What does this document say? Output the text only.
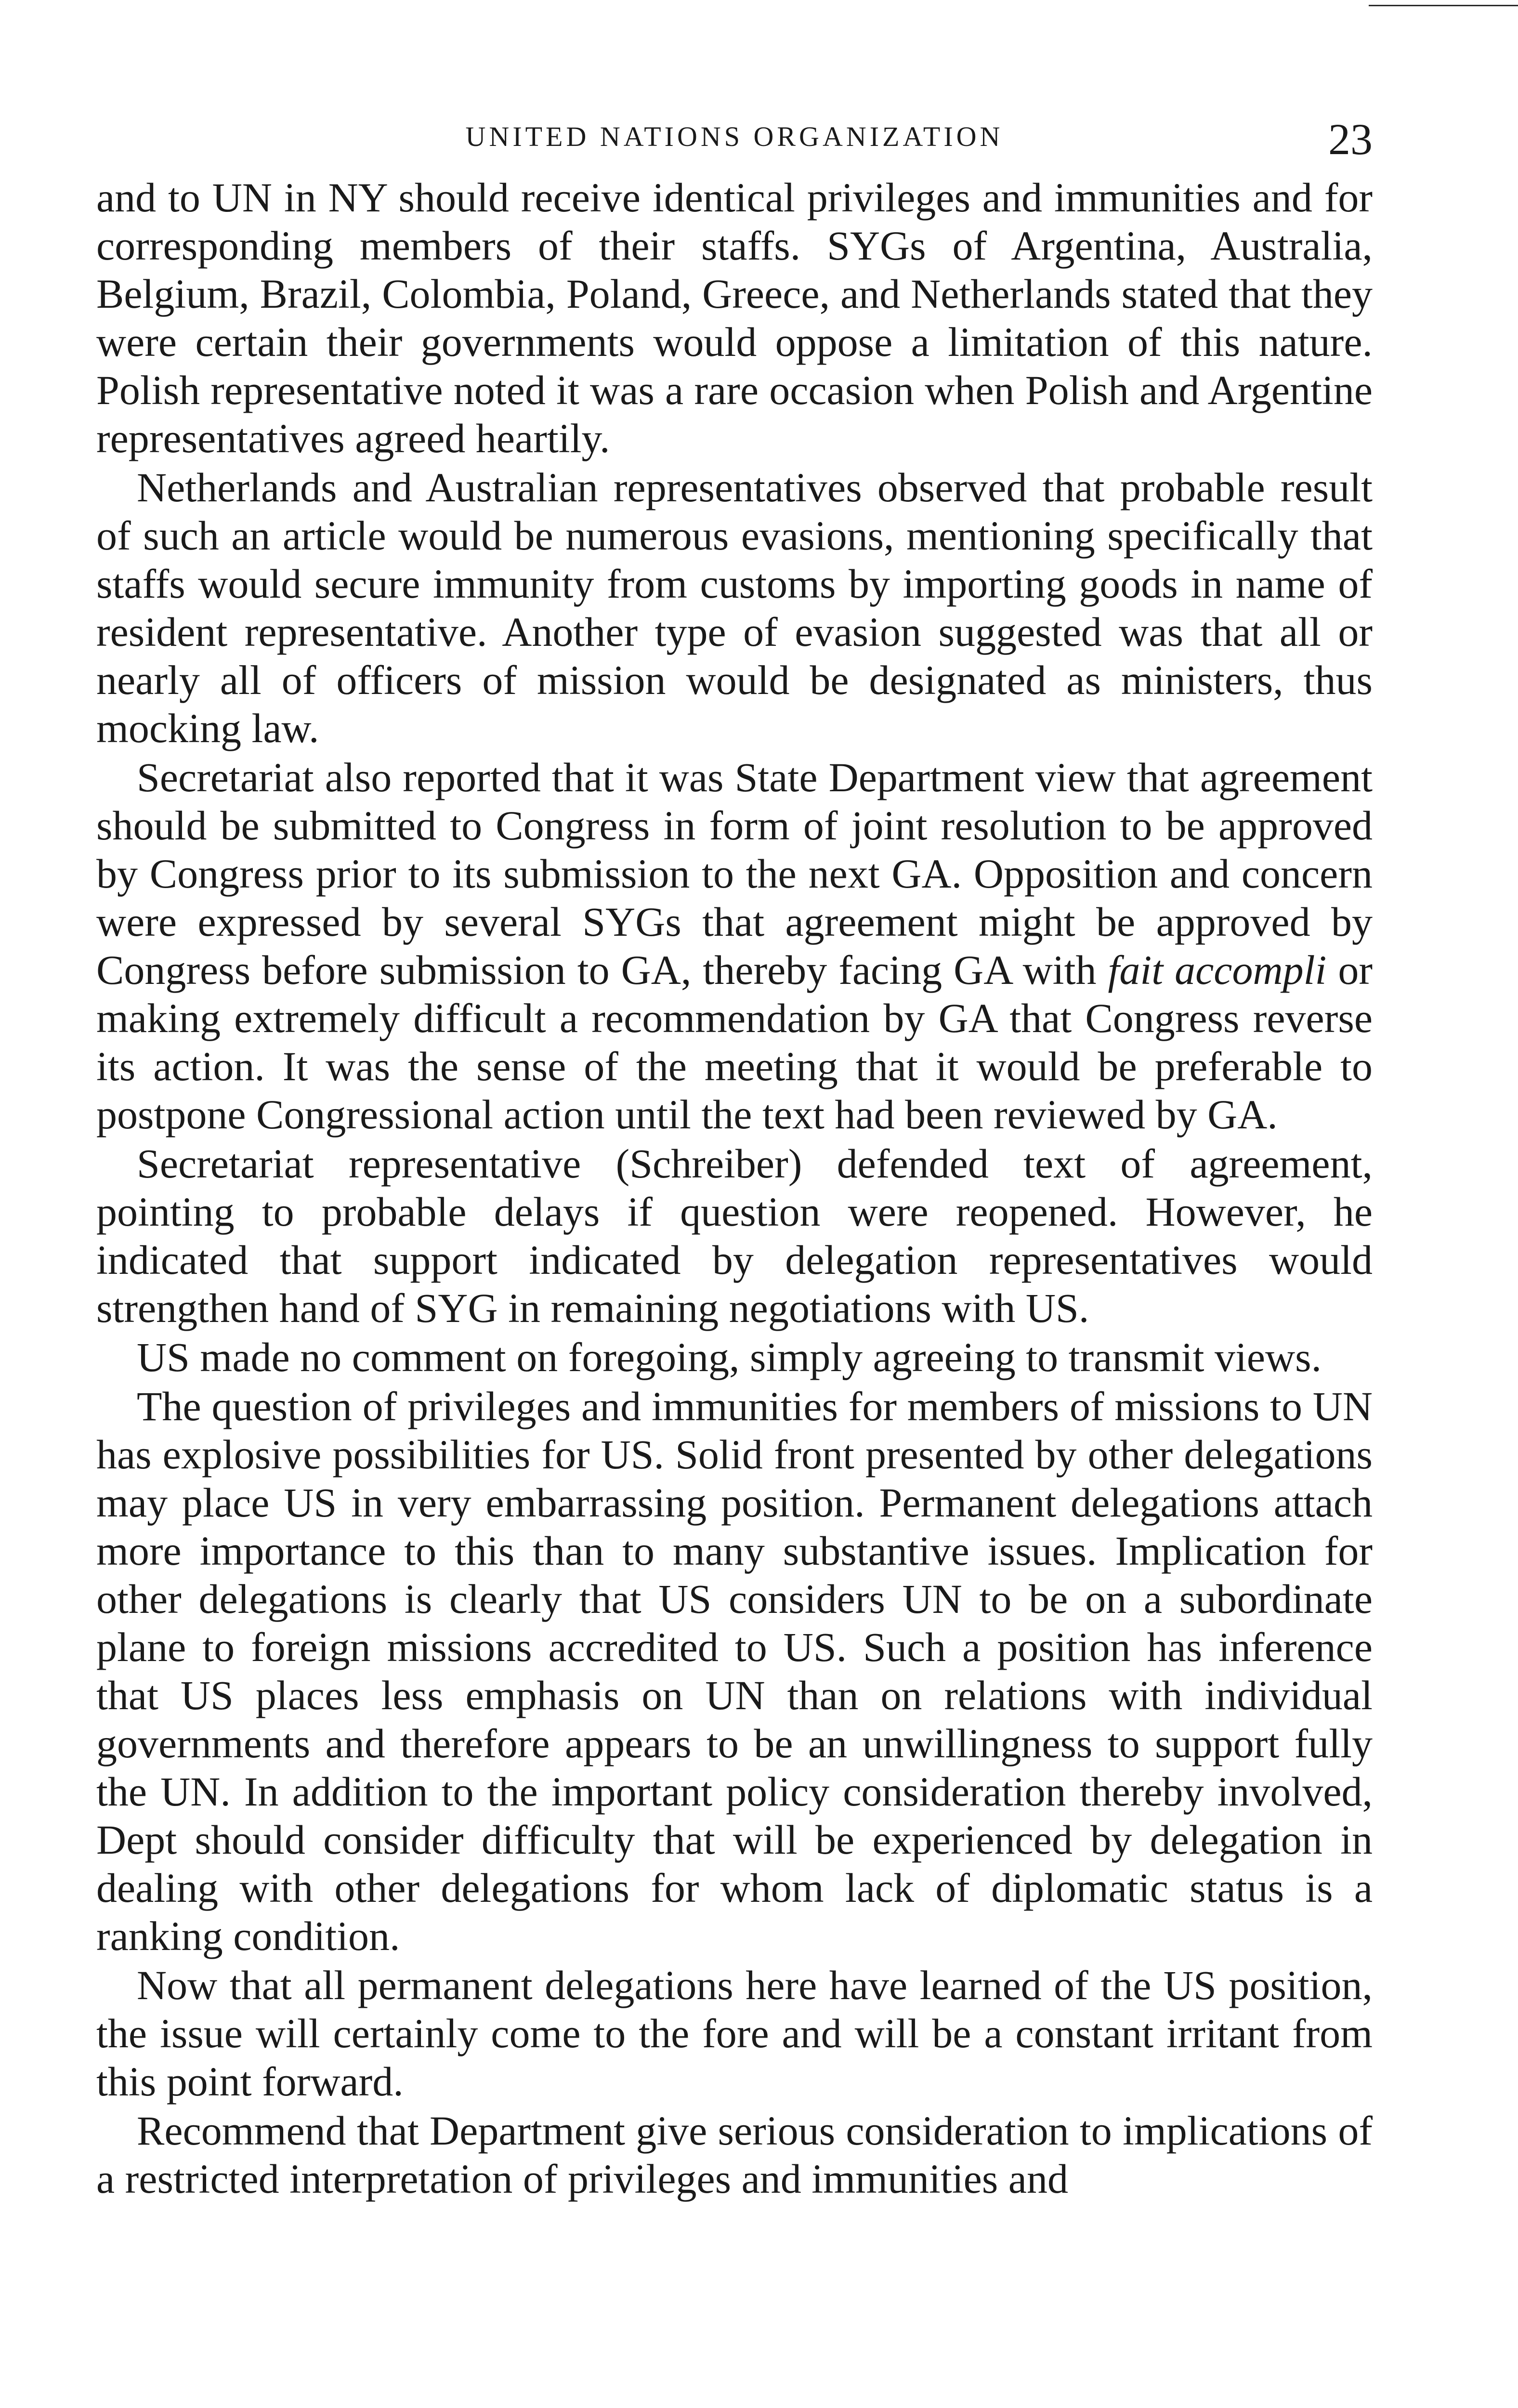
UNITED NATIONS ORGANIZATION	23

and to UN in NY should receive identical privileges and immunities and for corresponding members of their staffs. SYGs of Argentina, Australia, Belgium, Brazil, Colombia, Poland, Greece, and Netherlands stated that they were certain their governments would oppose a limitation of this nature. Polish representative noted it was a rare occasion when Polish and Argentine representatives agreed heartily.

Netherlands and Australian representatives observed that probable result of such an article would be numerous evasions, mentioning specifically that staffs would secure immunity from customs by importing goods in name of resident representative. Another type of evasion suggested was that all or nearly all of officers of mission would be designated as ministers, thus mocking law.

Secretariat also reported that it was State Department view that agreement should be submitted to Congress in form of joint resolution to be approved by Congress prior to its submission to the next GA. Opposition and concern were expressed by several SYGs that agreement might be approved by Congress before submission to GA, thereby facing GA with fait accompli or making extremely difficult a recommendation by GA that Congress reverse its action. It was the sense of the meeting that it would be preferable to postpone Congressional action until the text had been reviewed by GA.

Secretariat representative (Schreiber) defended text of agreement, pointing to probable delays if question were reopened. However, he indicated that support indicated by delegation representatives would strengthen hand of SYG in remaining negotiations with US.

US made no comment on foregoing, simply agreeing to transmit views.

The question of privileges and immunities for members of missions to UN has explosive possibilities for US. Solid front presented by other delegations may place US in very embarrassing position. Permanent delegations attach more importance to this than to many substantive issues. Implication for other delegations is clearly that US considers UN to be on a subordinate plane to foreign missions accredited to US. Such a position has inference that US places less emphasis on UN than on relations with individual governments and therefore appears to be an unwillingness to support fully the UN. In addition to the important policy consideration thereby involved, Dept should consider difficulty that will be experienced by delegation in dealing with other delegations for whom lack of diplomatic status is a ranking condition.

Now that all permanent delegations here have learned of the US position, the issue will certainly come to the fore and will be a constant irritant from this point forward.

Recommend that Department give serious consideration to implications of a restricted interpretation of privileges and immunities and
